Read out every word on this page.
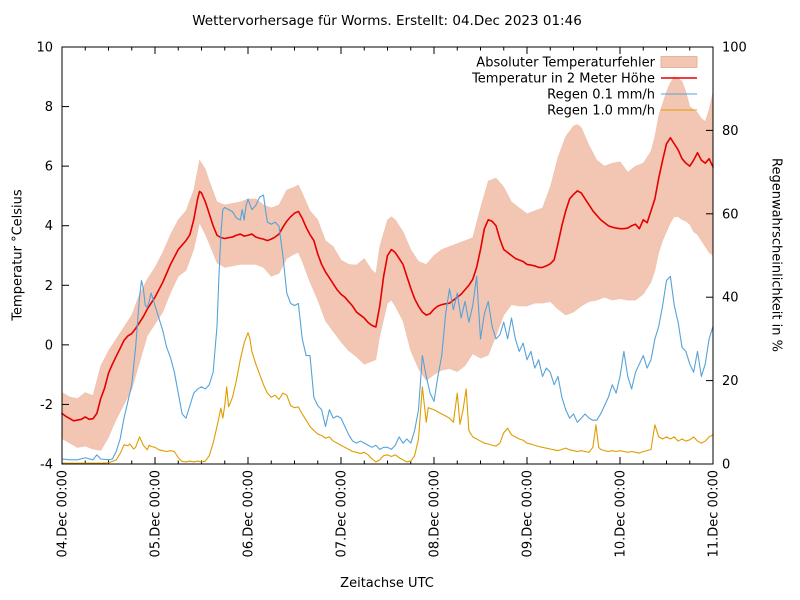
Wettervorhersage für Worms. Erstellt: 04.Dec 2023 01:46
Temperatur °Celsius	Regenwahrscheinlichkeit in %
Zeitachse UTC
04.Dec 00:00	05.Dec 00:00	06.Dec 00:00	07.Dec 00:00	08.Dec 00:00	09.Dec 00:00	10.Dec 00:00	11.Dec 00:00
-4
-2
0
2
4
6
8
10
0
20
40
60
80
100
Absoluter Temperaturfehler
Temperatur in 2 Meter Höhe
Regen 0.1 mm/h
Regen 1.0 mm/h
